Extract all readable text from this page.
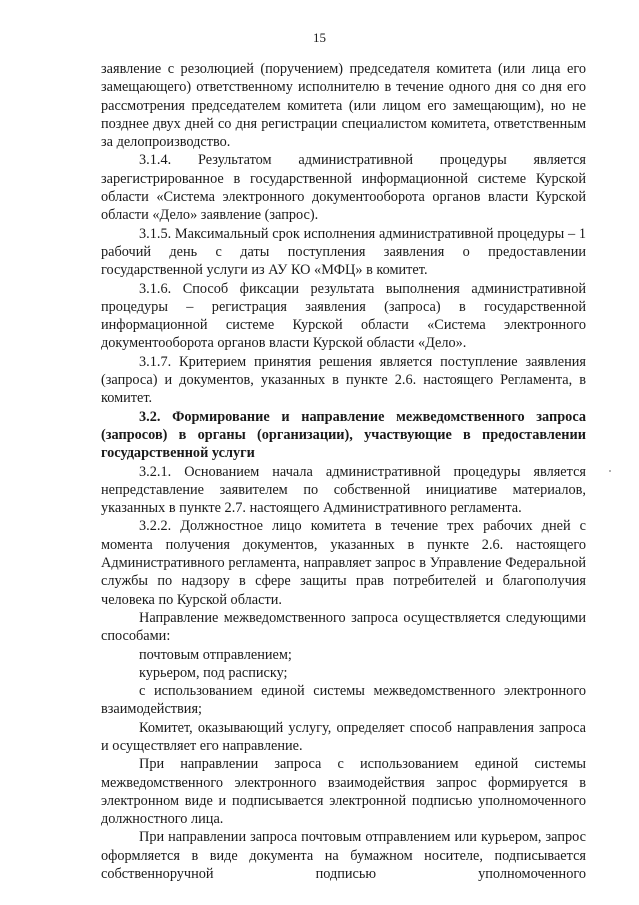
15

заявление с резолюцией (поручением) председателя комитета (или лица его замещающего) ответственному исполнителю в течение одного дня со дня его рассмотрения председателем комитета (или лицом его замещающим), но не позднее двух дней со дня регистрации специалистом комитета, ответственным за делопроизводство.

3.1.4. Результатом административной процедуры является зарегистрированное в государственной информационной системе Курской области «Система электронного документооборота органов власти Курской области «Дело» заявление (запрос).

3.1.5. Максимальный срок исполнения административной процедуры – 1 рабочий день с даты поступления заявления о предоставлении государственной услуги из АУ КО «МФЦ» в комитет.

3.1.6. Способ фиксации результата выполнения административной процедуры – регистрация заявления (запроса) в государственной информационной системе Курской области «Система электронного документооборота органов власти Курской области «Дело».

3.1.7. Критерием принятия решения является поступление заявления (запроса) и документов, указанных в пункте 2.6. настоящего Регламента, в комитет.

3.2. Формирование и направление межведомственного запроса (запросов) в органы (организации), участвующие в предоставлении государственной услуги

3.2.1. Основанием начала административной процедуры является непредставление заявителем по собственной инициативе материалов, указанных в пункте 2.7. настоящего Административного регламента.

3.2.2. Должностное лицо комитета в течение трех рабочих дней с момента получения документов, указанных в пункте 2.6. настоящего Административного регламента, направляет запрос в Управление Федеральной службы по надзору в сфере защиты прав потребителей и благополучия человека по Курской области.

Направление межведомственного запроса осуществляется следующими способами:

почтовым отправлением;

курьером, под расписку;

с использованием единой системы межведомственного электронного взаимодействия;

Комитет, оказывающий услугу, определяет способ направления запроса и осуществляет его направление.

При направлении запроса с использованием единой системы межведомственного электронного взаимодействия запрос формируется в электронном виде и подписывается электронной подписью уполномоченного должностного лица.

При направлении запроса почтовым отправлением или курьером, запрос оформляется в виде документа на бумажном носителе, подписывается собственноручной подписью уполномоченного
